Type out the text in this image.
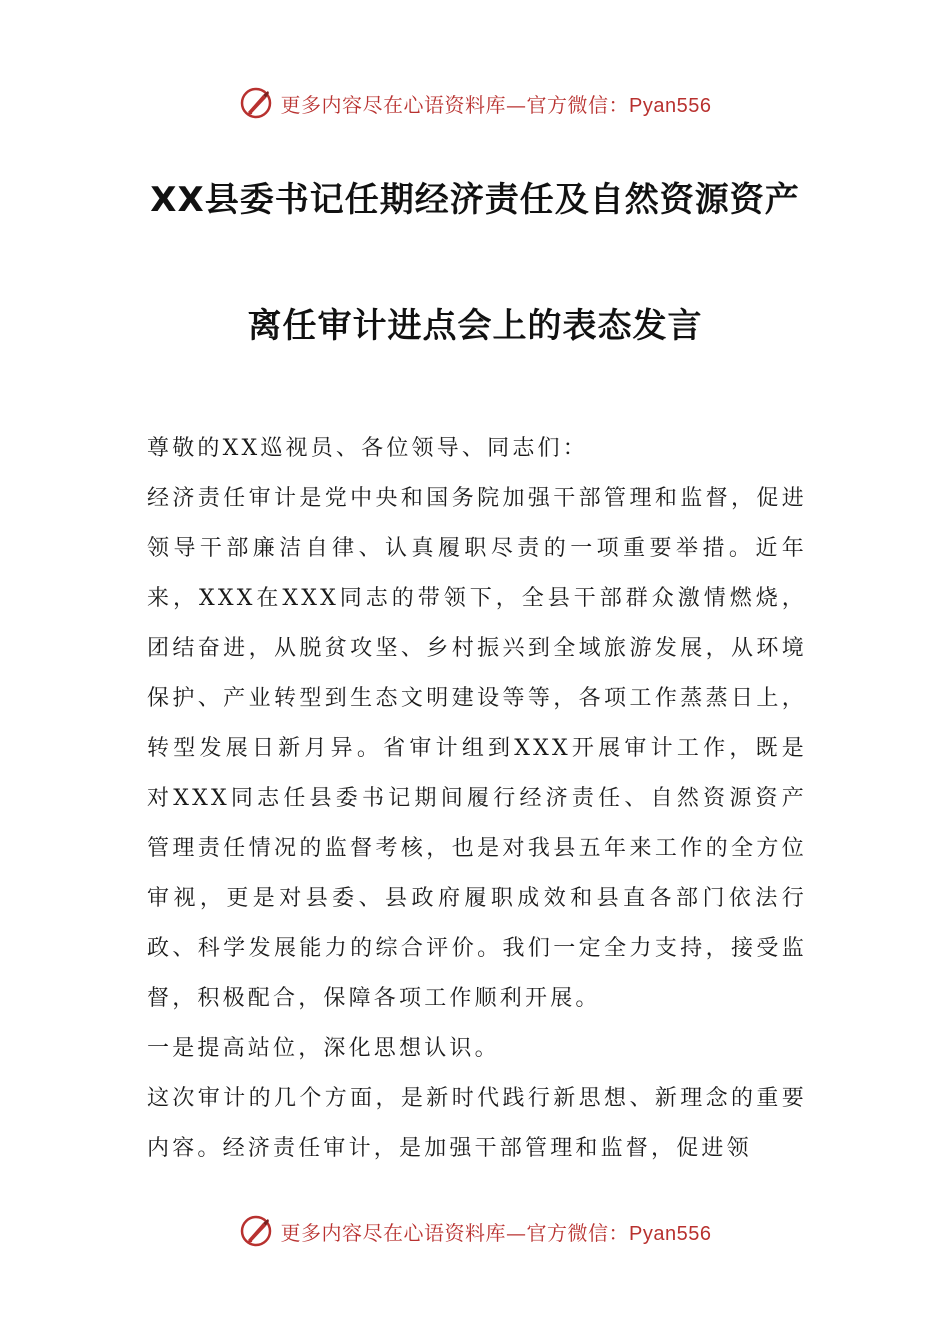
更多内容尽在心语资料库—官方微信：Pyan556
XX县委书记任期经济责任及自然资源资产
离任审计进点会上的表态发言

尊敬的XX巡视员、各位领导、同志们：

经济责任审计是党中央和国务院加强干部管理和监督，促进领导干部廉洁自律、认真履职尽责的一项重要举措。近年来，XXX在XXX同志的带领下，全县干部群众激情燃烧，团结奋进，从脱贫攻坚、乡村振兴到全域旅游发展，从环境保护、产业转型到生态文明建设等等，各项工作蒸蒸日上，转型发展日新月异。省审计组到XXX开展审计工作，既是对XXX同志任县委书记期间履行经济责任、自然资源资产管理责任情况的监督考核，也是对我县五年来工作的全方位审视，更是对县委、县政府履职成效和县直各部门依法行政、科学发展能力的综合评价。我们一定全力支持，接受监督，积极配合，保障各项工作顺利开展。

一是提高站位，深化思想认识。

这次审计的几个方面，是新时代践行新思想、新理念的重要内容。经济责任审计，是加强干部管理和监督，促进领

更多内容尽在心语资料库—官方微信：Pyan556
